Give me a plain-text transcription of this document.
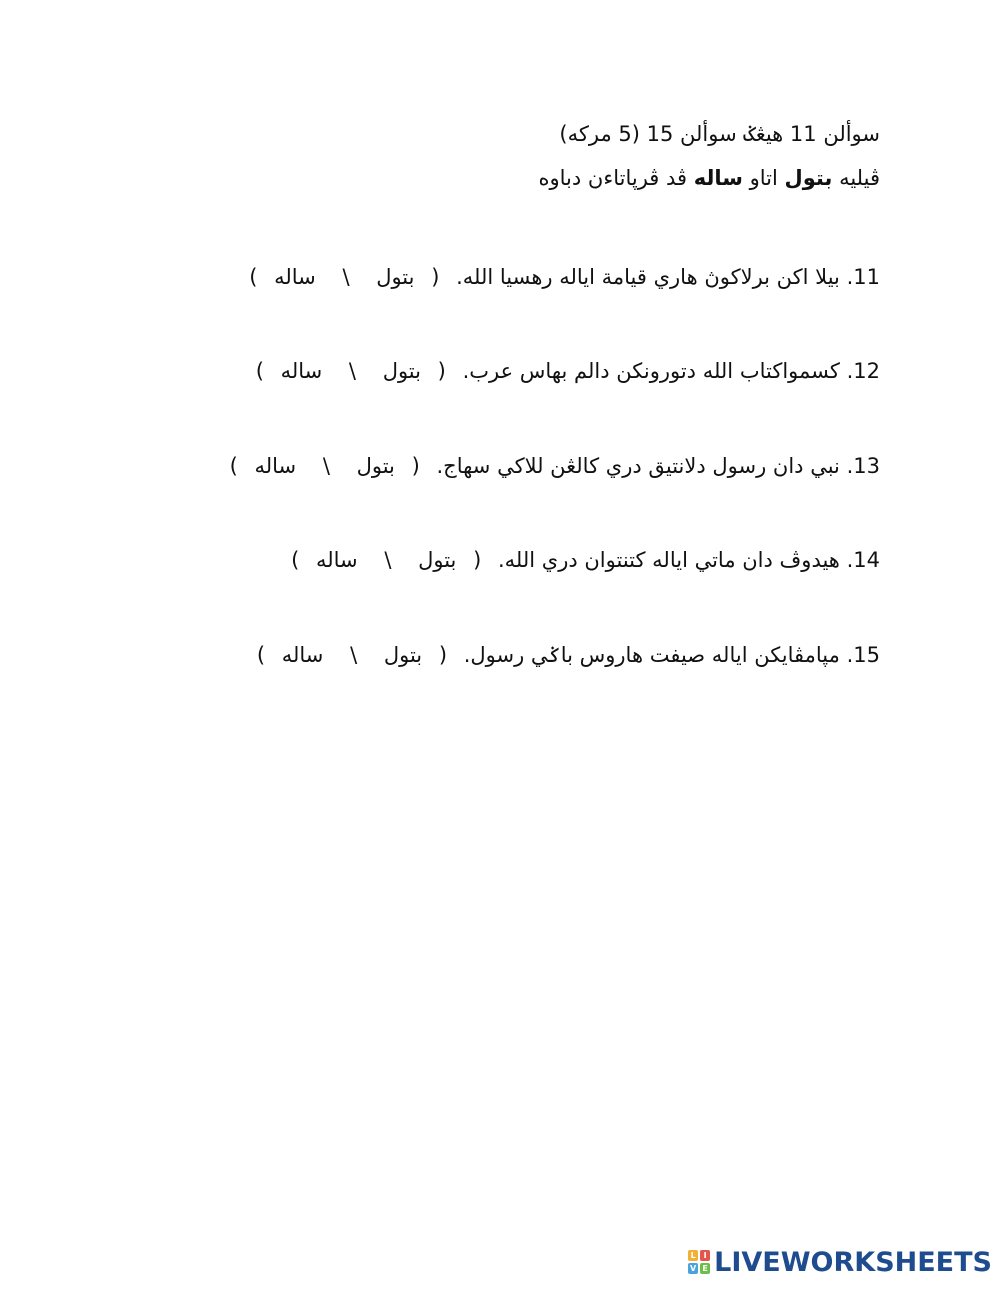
سوألن 11 هيڠݢ سوألن 15 (5 مركه)
ڤيليه بتول اتاو ساله ڤد ڤرڽاتاءن دباوه
11. بيلا اكن برلاكوڽ هاري قيامة اياله رهسيا الله. ( بتول \ ساله )
12. كسمواكتاب الله دتورونكن دالم بهاس عرب. ( بتول \ ساله )
13. نبي دان رسول دلانتيق دري كالڠن للاكي سهاج. ( بتول \ ساله )
14. هيدوڤ دان ماتي اياله كتنتوان دري الله. ( بتول \ ساله )
15. مڽامڤايكن اياله صيفت هاروس باݢي رسول. ( بتول \ ساله )
L I
V E LIVEWORKSHEETS
